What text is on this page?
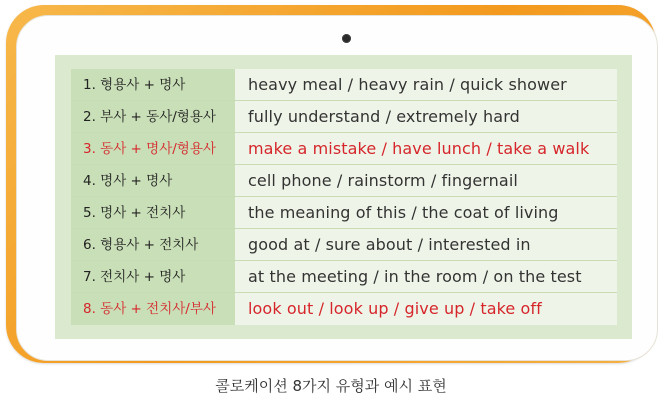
1. 형용사 + 명사	heavy meal / heavy rain / quick shower
2. 부사 + 동사/형용사	fully understand / extremely hard
3. 동사 + 명사/형용사	make a mistake / have lunch / take a walk
4. 명사 + 명사	cell phone / rainstorm / fingernail
5. 명사 + 전치사	the meaning of this / the coat of living
6. 형용사 + 전치사	good at / sure about / interested in
7. 전치사 + 명사	at the meeting / in the room / on the test
8. 동사 + 전치사/부사	look out / look up / give up / take off
콜로케이션 8가지 유형과 예시 표현
